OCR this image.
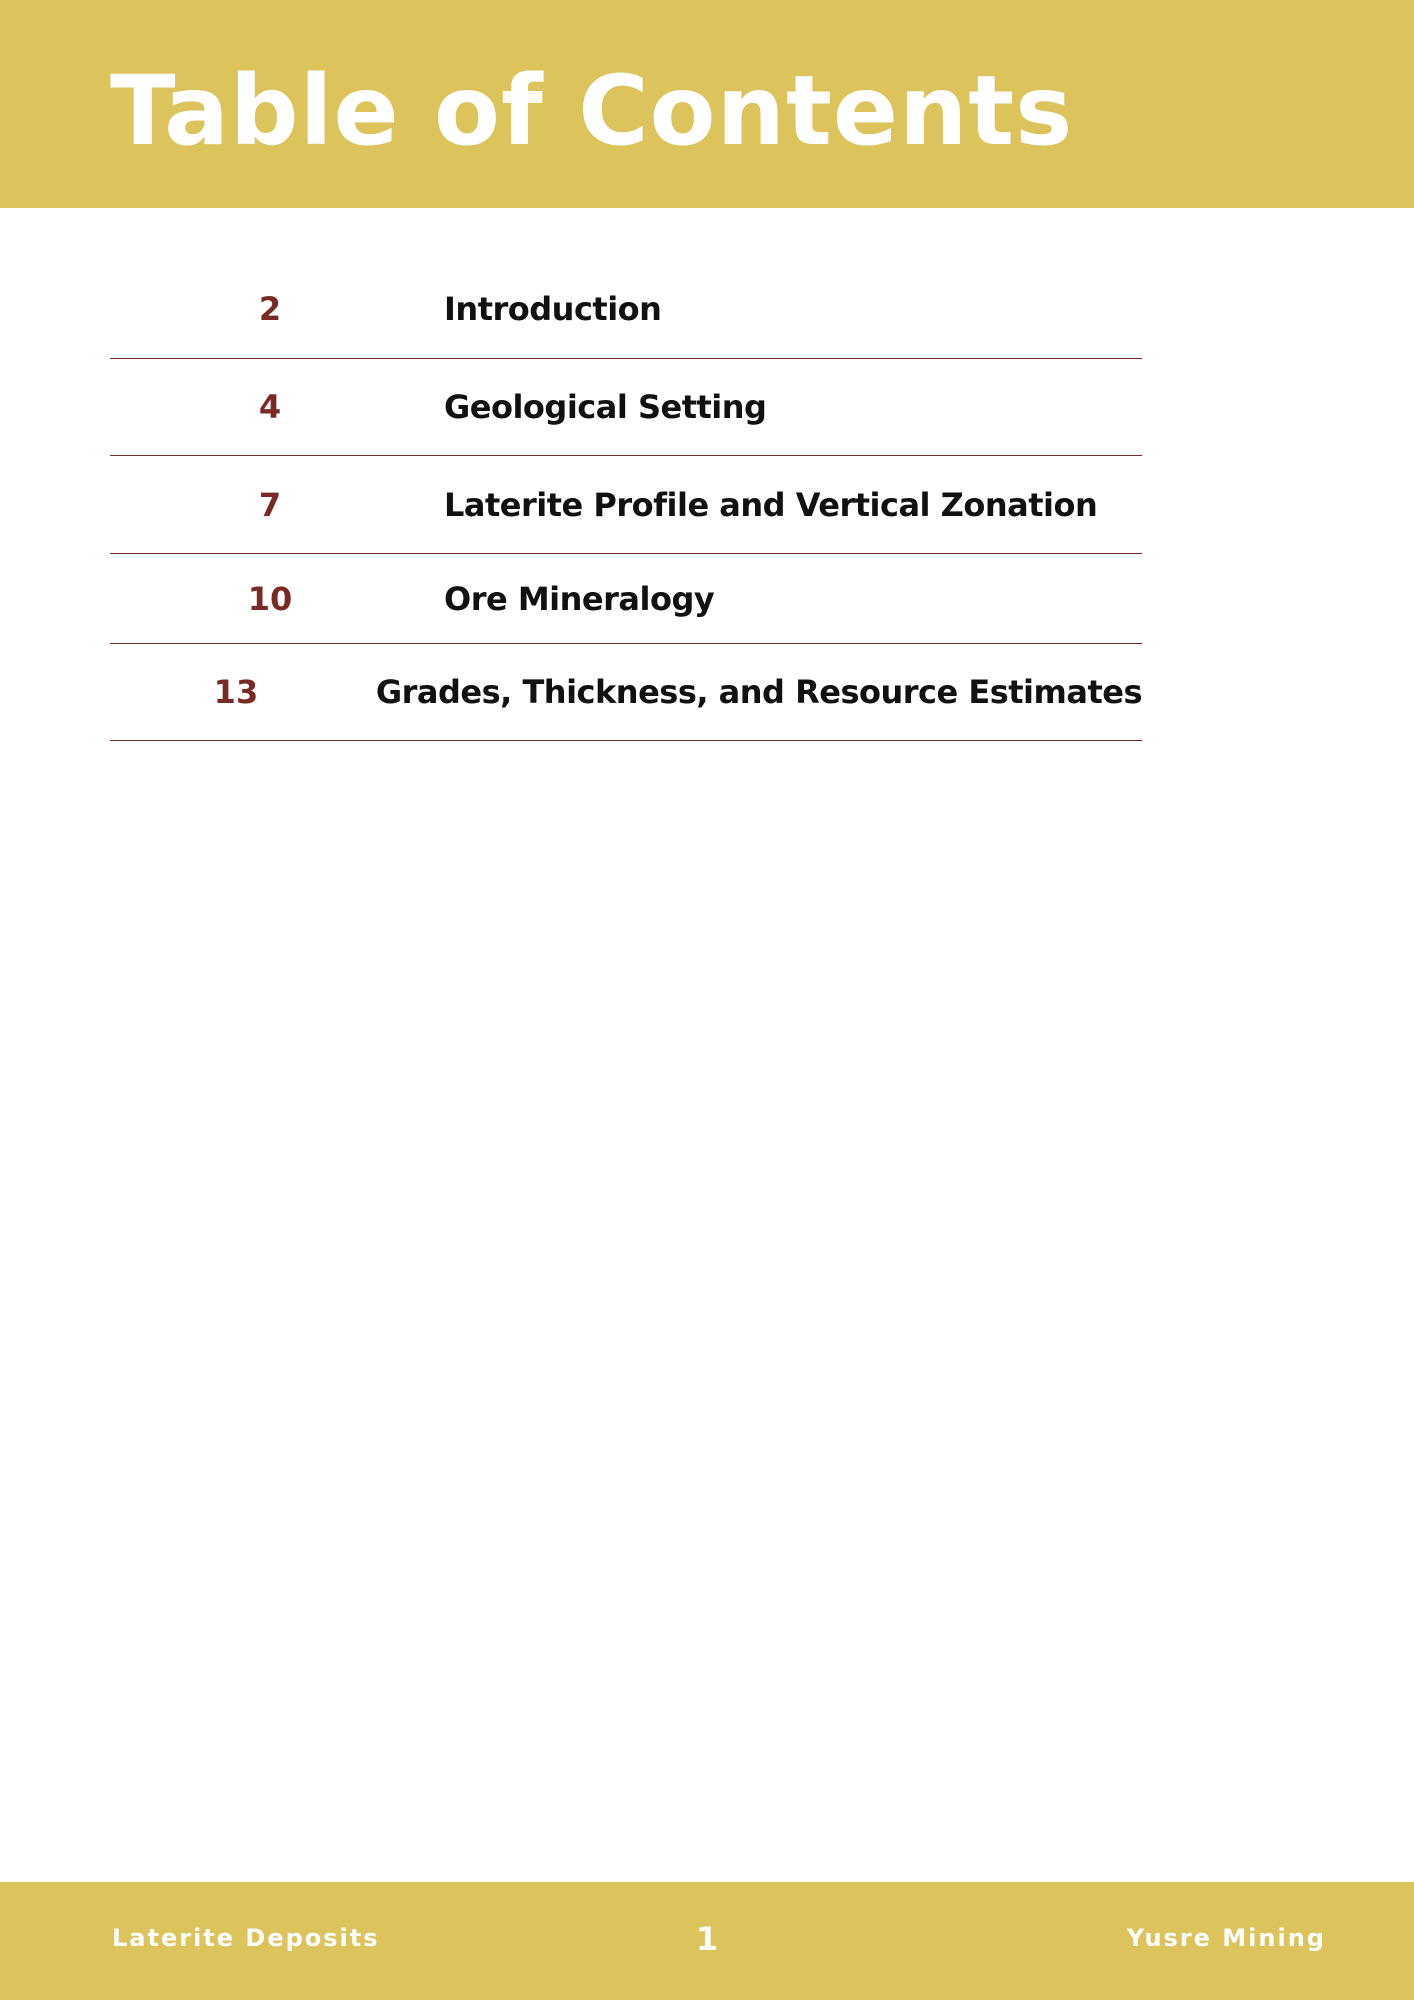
Table of Contents
2	Introduction
4	Geological Setting
7	Laterite Profile and Vertical Zonation
10	Ore Mineralogy
13	Grades, Thickness, and Resource Estimates
Laterite Deposits	1	Yusre Mining
